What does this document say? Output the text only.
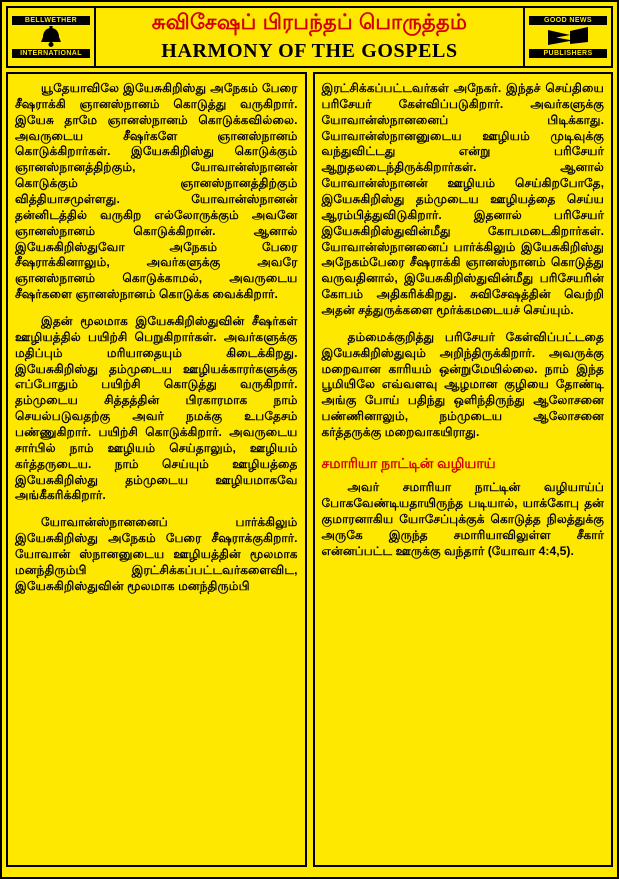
BELLWETHER
INTERNATIONAL
சுவிசேஷப் பிரபந்தப் பொருத்தம்
HARMONY OF THE GOSPELS
GOOD NEWS
PUBLISHERS

யூதேயாவிலே இயேசுகிறிஸ்து அநேகம் பேரை சீஷராக்கி ஞானஸ்நானம் கொடுத்து வருகிறார். இயேசு தாமே ஞானஸ்நானம் கொடுக்கவில்லை. அவருடைய சீஷர்களே ஞானஸ்நானம் கொடுக்கிறார்கள். இயேசுகிறிஸ்து கொடுக்கும் ஞானஸ்நானத்திற்கும், யோவான்ஸ்நானன் கொடுக்கும் ஞானஸ்நானத்திற்கும் வித்தியாசமுள்ளது. யோவான்ஸ்நானன் தன்னிடத்தில் வருகிற எல்லோருக்கும் அவனே ஞானஸ்நானம் கொடுக்கிறான். ஆனால் இயேசுகிறிஸ்துவோ அநேகம் பேரை சீஷராக்கினாலும், அவர்களுக்கு அவரே ஞானஸ்நானம் கொடுக்காமல், அவருடைய சீஷர்களை ஞானஸ்நானம் கொடுக்க வைக்கிறார்.

இதன் மூலமாக இயேசுகிறிஸ்துவின் சீஷர்கள் ஊழியத்தில் பயிற்சி பெறுகிறார்கள். அவர்களுக்கு மதிப்பும் மரியாதையும் கிடைக்கிறது. இயேசுகிறிஸ்து தம்முடைய ஊழியக்காரர்களுக்கு எப்போதும் பயிற்சி கொடுத்து வருகிறார். தம்முடைய சித்தத்தின் பிரகாரமாக நாம் செயல்படுவதற்கு அவர் நமக்கு உபதேசம் பண்ணுகிறார். பயிற்சி கொடுக்கிறார். அவருடைய சார்பில் நாம் ஊழியம் செய்தாலும், ஊழியம் கர்த்தருடைய. நாம் செய்யும் ஊழியத்தை இயேசுகிறிஸ்து தம்முடைய ஊழியமாகவே அங்கீகரிக்கிறார்.

யோவான்ஸ்நானனைப் பார்க்கிலும் இயேசுகிறிஸ்து அநேகம் பேரை சீஷராக்குகிறார். யோவான் ஸ்நானனுடைய ஊழியத்தின் மூலமாக மனந்திரும்பி இரட்சிக்கப்பட்டவர்களைவிட, இயேசுகிறிஸ்துவின் மூலமாக மனந்திரும்பி

இரட்சிக்கப்பட்டவர்கள் அநேகர். இந்தச் செய்தியை பரிசேயர் கேள்விப்படுகிறார். அவர்களுக்கு யோவான்ஸ்நானனைப் பிடிக்காது. யோவான்ஸ்நானனுடைய ஊழியம் முடிவுக்கு வந்துவிட்டது என்று பரிசேயர் ஆறுதலடைந்திருக்கிறார்கள். ஆனால் யோவான்ஸ்நானன் ஊழியம் செய்கிறபோதே, இயேசுகிறிஸ்து தம்முடைய ஊழியத்தை செய்ய ஆரம்பித்துவிடுகிறார். இதனால் பரிசேயர் இயேசுகிறிஸ்துவின்மீது கோபமடைகிறார்கள். யோவான்ஸ்நானனைப் பார்க்கிலும் இயேசுகிறிஸ்து அநேகம்பேரை சீஷராக்கி ஞானஸ்நானம் கொடுத்து வருவதினால், இயேசுகிறிஸ்துவின்மீது பரிசேயரின் கோபம் அதிகரிக்கிறது. சுவிசேஷத்தின் வெற்றி அதன் சத்துருக்களை மூர்க்கமடையச் செய்யும்.

தம்மைக்குறித்து பரிசேயர் கேள்விப்பட்டதை இயேசுகிறிஸ்துவும் அறிந்திருக்கிறார். அவருக்கு மறைவான காரியம் ஒன்றுமேயில்லை. நாம் இந்த பூமியிலே எவ்வளவு ஆழமான குழியை தோண்டி அங்கு போய் பதிந்து ஒளிந்திருந்து ஆலோசனை பண்ணினாலும், நம்முடைய ஆலோசனை கர்த்தருக்கு மறைவாகயிராது.

சமாரியா நாட்டின் வழியாய்

அவர் சமாரியா நாட்டின் வழியாய்ப் போகவேண்டியதாயிருந்த படியால், யாக்கோபு தன் குமாரனாகிய யோசேப்புக்குக் கொடுத்த நிலத்துக்கு அருகே இருந்த சமாரியாவிலுள்ள சீகார் என்னப்பட்ட ஊருக்கு வந்தார் (யோவா 4:4,5).
